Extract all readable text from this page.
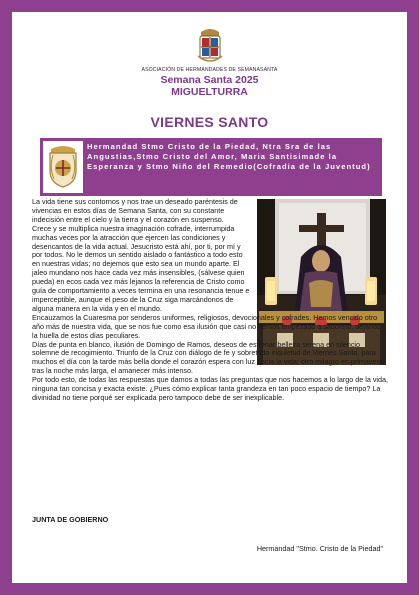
ASOCIACIÓN DE HERMANDADES DE SEMANASANTA
Semana Santa 2025
MIGUELTURRA
VIERNES SANTO
Hermandad Stmo Cristo de la Piedad, Ntra Sra de las Angustias,Stmo Cristo del Amor, Maria Santisimade la Esperanza y Stmo Niño del Remedio(Cofradia de la Juventud)

La vida tiene sus contornos y nos trae un deseado paréntesis de vivencias en estos días de Semana Santa, con su constante indecisión entre el cielo y la tierra y el corazón en suspenso.

Crece y se multiplica nuestra imaginación cofrade, interrumpida muchas veces por la atracción que ejercen las condiciones y desencantos de la vida actual. Jesucristo está ahí, por ti, por mí y por todos. No le demos un sentido aislado o fantástico a todo esto en nuestras vidas; no dejemos que esto sea un mundo aparte. El jaleo mundano nos hace cada vez más insensibles, (sálvese quien pueda) en ecos cada vez más lejanos la referencia de Cristo como guía de comportamiento a veces termina en una resonancia tenue e imperceptible, aunque el peso de la Cruz siga marcándonos de alguna manera en la vida y en el mundo.

Encauzamos la Cuaresma por senderos uniformes, religiosos, devocionales y cofrades. Hemos vencido otro año más de nuestra vida, que se nos fue como esa ilusión que casi no hemos empezado a saborear, dejando la huella de estos días peculiares.

Días de punta en blanco, ilusión de Domingo de Ramos, deseos de estrenar belleza serena en silencio solemne de recogimiento. Triunfo de la Cruz con diálogo de fe y sobretodo inquietud de Viernes Santo, para muchos el día con la tarde más bella donde el corazón espera con luz hacia la vida; otro milagro en primavera, tras la noche más larga, el amanecer más intenso.

Por todo esto, de todas las respuestas que damos a todas las preguntas que nos hacemos a lo largo de la vida, ninguna tan concisa y exacta existe. ¿Pues cómo explicar tanta grandeza en tan poco espacio de tiempo? La divinidad no tiene porqué ser explicada pero tampoco debe de ser inexplicable.

JUNTA DE GOBIERNO
Hermandad "Stmo. Cristo de la Piedad"
